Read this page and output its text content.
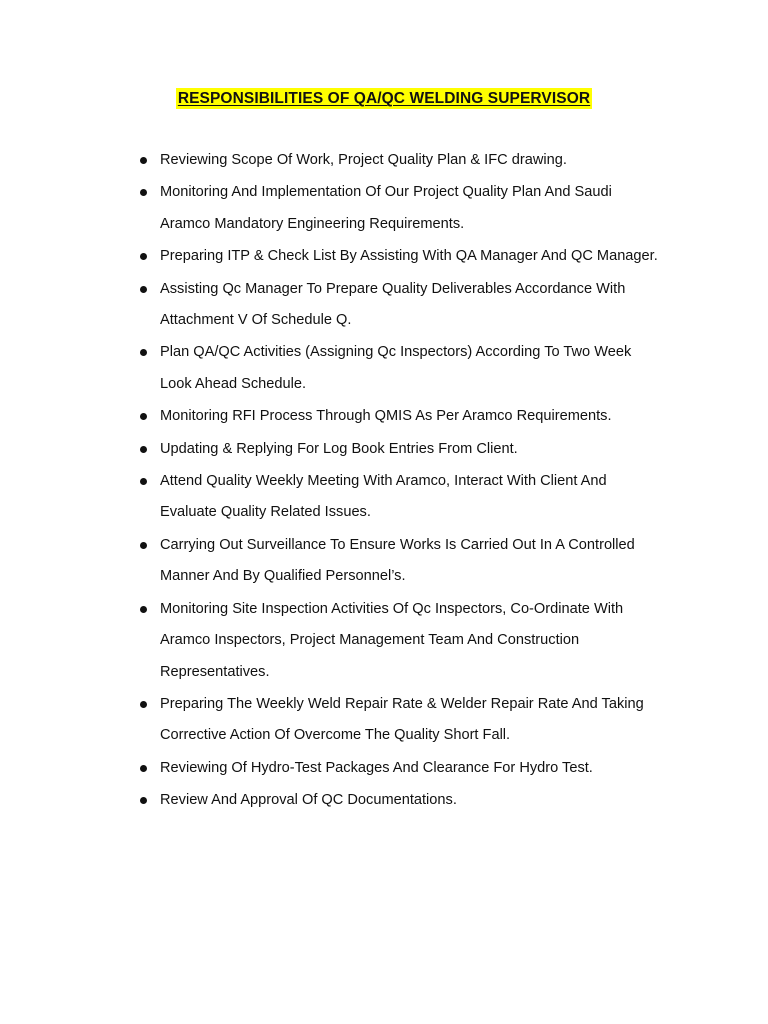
RESPONSIBILITIES OF QA/QC WELDING SUPERVISOR
Reviewing Scope Of Work, Project Quality Plan & IFC drawing.
Monitoring And Implementation Of Our Project Quality Plan And Saudi Aramco Mandatory Engineering Requirements.
Preparing ITP & Check List By Assisting With QA Manager And QC Manager.
Assisting Qc Manager To Prepare Quality Deliverables Accordance With Attachment V Of Schedule Q.
Plan QA/QC Activities (Assigning Qc Inspectors) According To Two Week Look Ahead Schedule.
Monitoring RFI Process Through QMIS As Per Aramco Requirements.
Updating & Replying For Log Book Entries From Client.
Attend Quality Weekly Meeting With Aramco, Interact With Client And Evaluate Quality Related Issues.
Carrying Out Surveillance To Ensure Works Is Carried Out In A Controlled Manner And By Qualified Personnel’s.
Monitoring Site Inspection Activities Of Qc Inspectors, Co-Ordinate With Aramco Inspectors, Project Management Team And Construction Representatives.
Preparing The Weekly Weld Repair Rate & Welder Repair Rate And Taking Corrective Action Of Overcome The Quality Short Fall.
Reviewing Of Hydro-Test Packages And Clearance For Hydro Test.
Review And Approval Of QC Documentations.
